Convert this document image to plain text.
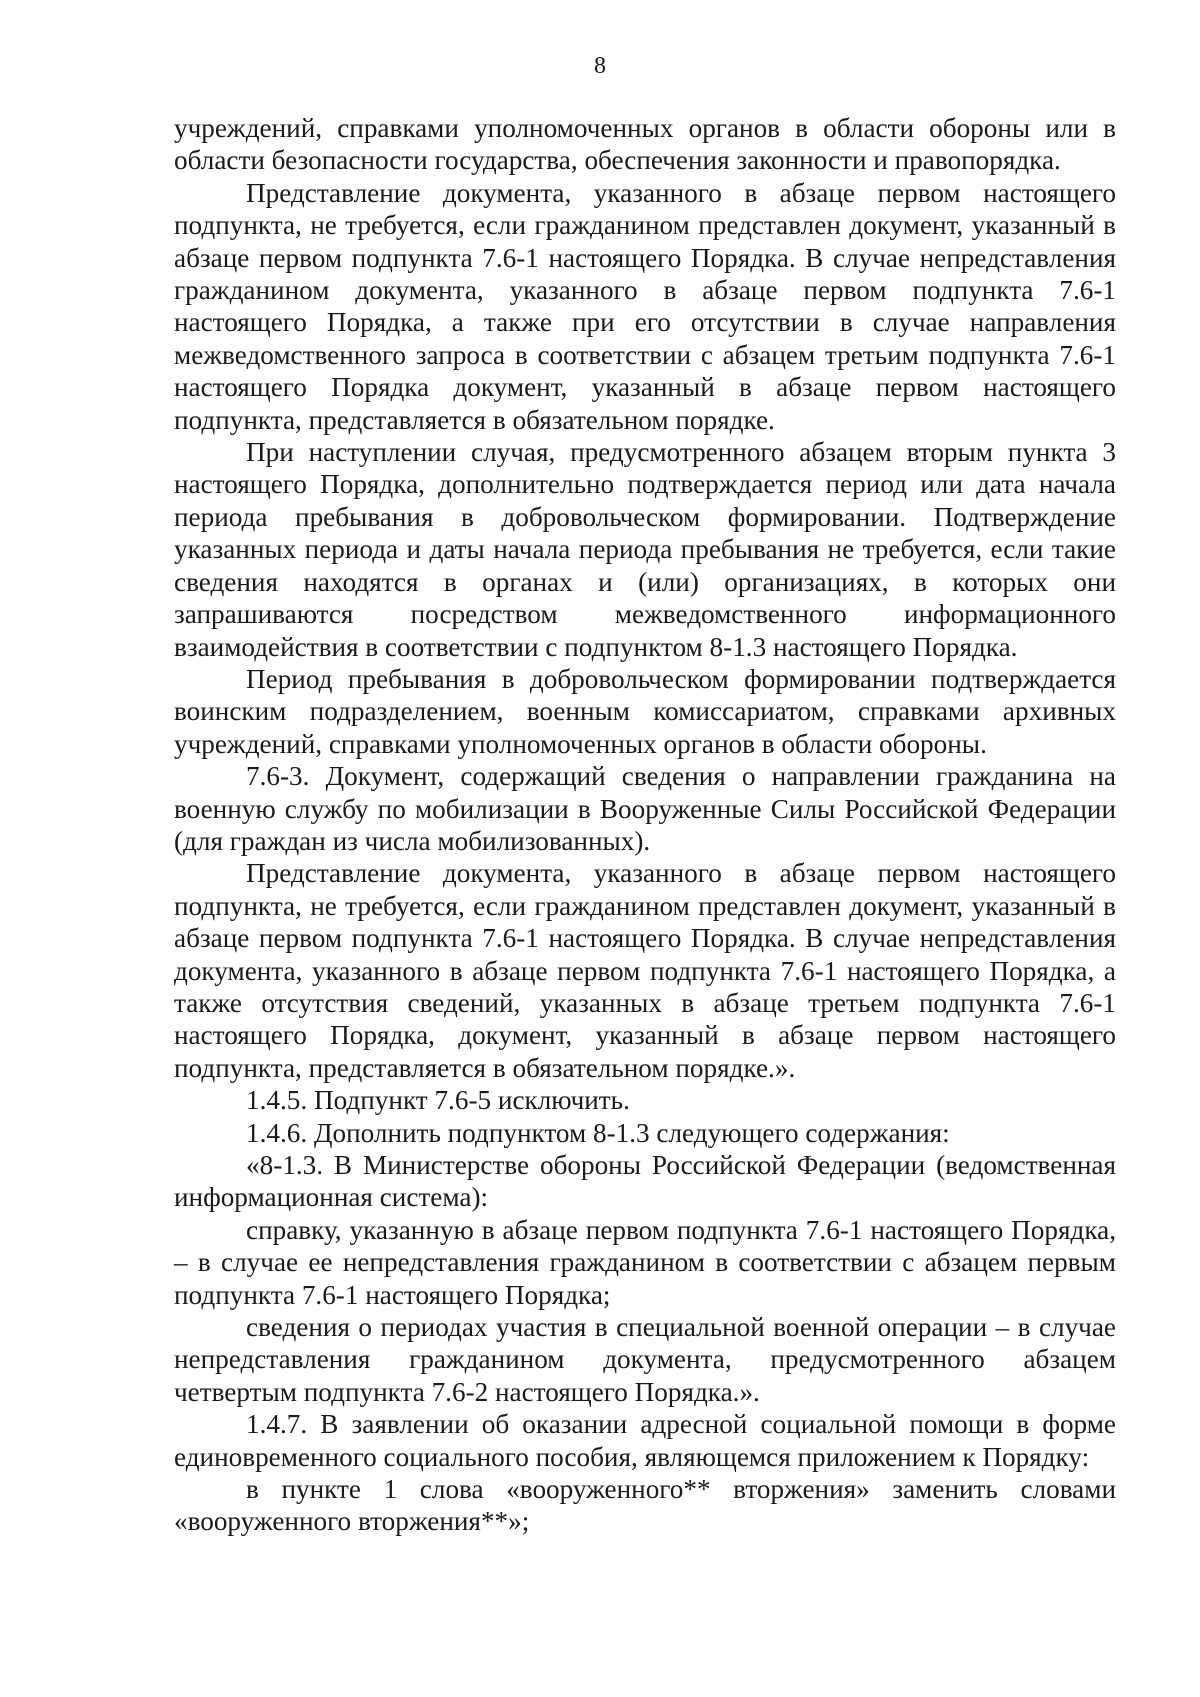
8

учреждений, справками уполномоченных органов в области обороны или в области безопасности государства, обеспечения законности и правопорядка.

Представление документа, указанного в абзаце первом настоящего подпункта, не требуется, если гражданином представлен документ, указанный в абзаце первом подпункта 7.6-1 настоящего Порядка. В случае непредставления гражданином документа, указанного в абзаце первом подпункта 7.6-1 настоящего Порядка, а также при его отсутствии в случае направления межведомственного запроса в соответствии с абзацем третьим подпункта 7.6-1 настоящего Порядка документ, указанный в абзаце первом настоящего подпункта, представляется в обязательном порядке.

При наступлении случая, предусмотренного абзацем вторым пункта 3 настоящего Порядка, дополнительно подтверждается период или дата начала периода пребывания в добровольческом формировании. Подтверждение указанных периода и даты начала периода пребывания не требуется, если такие сведения находятся в органах и (или) организациях, в которых они запрашиваются посредством межведомственного информационного взаимодействия в соответствии с подпунктом 8-1.3 настоящего Порядка.

Период пребывания в добровольческом формировании подтверждается воинским подразделением, военным комиссариатом, справками архивных учреждений, справками уполномоченных органов в области обороны.

7.6-3. Документ, содержащий сведения о направлении гражданина на военную службу по мобилизации в Вооруженные Силы Российской Федерации (для граждан из числа мобилизованных).

Представление документа, указанного в абзаце первом настоящего подпункта, не требуется, если гражданином представлен документ, указанный в абзаце первом подпункта 7.6-1 настоящего Порядка. В случае непредставления документа, указанного в абзаце первом подпункта 7.6-1 настоящего Порядка, а также отсутствия сведений, указанных в абзаце третьем подпункта 7.6-1 настоящего Порядка, документ, указанный в абзаце первом настоящего подпункта, представляется в обязательном порядке.».

1.4.5. Подпункт 7.6-5 исключить.

1.4.6. Дополнить подпунктом 8-1.3 следующего содержания:

«8-1.3. В Министерстве обороны Российской Федерации (ведомственная информационная система):

справку, указанную в абзаце первом подпункта 7.6-1 настоящего Порядка, – в случае ее непредставления гражданином в соответствии с абзацем первым подпункта 7.6-1 настоящего Порядка;

сведения о периодах участия в специальной военной операции – в случае непредставления гражданином документа, предусмотренного абзацем четвертым подпункта 7.6-2 настоящего Порядка.».

1.4.7. В заявлении об оказании адресной социальной помощи в форме единовременного социального пособия, являющемся приложением к Порядку:

в пункте 1 слова «вооруженного** вторжения» заменить словами «вооруженного вторжения**»;
